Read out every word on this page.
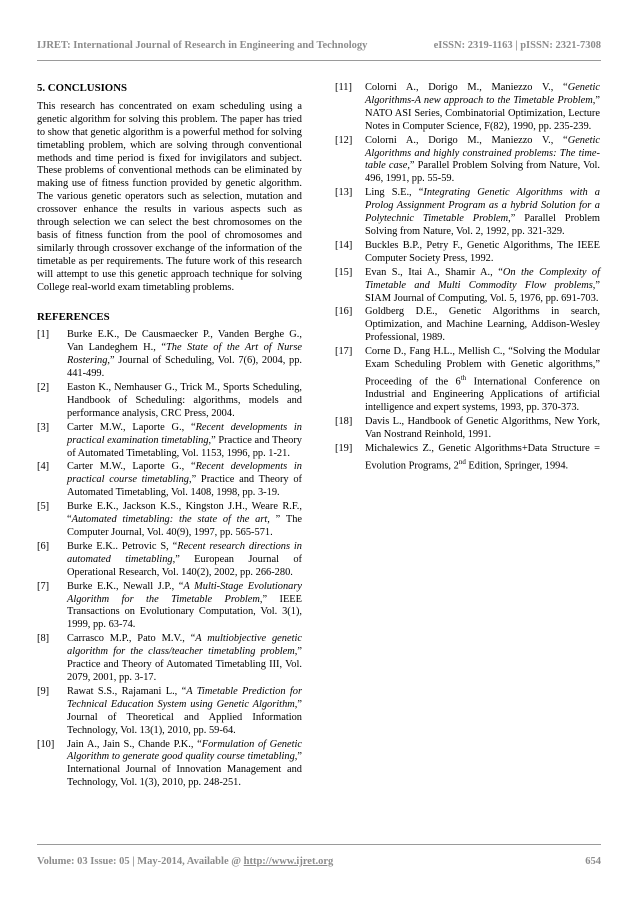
IJRET: International Journal of Research in Engineering and Technology	eISSN: 2319-1163 | pISSN: 2321-7308
5. CONCLUSIONS

This research has concentrated on exam scheduling using a genetic algorithm for solving this problem. The paper has tried to show that genetic algorithm is a powerful method for solving timetabling problem, which are solving through conventional methods and time period is fixed for invigilators and subject. These problems of conventional methods can be eliminated by making use of fitness function provided by genetic algorithm. The various genetic operators such as selection, mutation and crossover enhance the results in various aspects such as through selection we can select the best chromosomes on the basis of fitness function from the pool of chromosomes and similarly through crossover exchange of the information of the timetable as per requirements. The future work of this research will attempt to use this genetic approach technique for solving College real-world exam timetabling problems.

REFERENCES
[1]	Burke E.K., De Causmaecker P., Vanden Berghe G., Van Landeghem H., “The State of the Art of Nurse Rostering,” Journal of Scheduling, Vol. 7(6), 2004, pp. 441-499.
[2]	Easton K., Nemhauser G., Trick M., Sports Scheduling, Handbook of Scheduling: algorithms, models and performance analysis, CRC Press, 2004.
[3]	Carter M.W., Laporte G., “Recent developments in practical examination timetabling,” Practice and Theory of Automated Timetabling, Vol. 1153, 1996, pp. 1-21.
[4]	Carter M.W., Laporte G., “Recent developments in practical course timetabling,” Practice and Theory of Automated Timetabling, Vol. 1408, 1998, pp. 3-19.
[5]	Burke E.K., Jackson K.S., Kingston J.H., Weare R.F., “Automated timetabling: the state of the art, ” The Computer Journal, Vol. 40(9), 1997, pp. 565-571.
[6]	Burke E.K.. Petrovic S, “Recent research directions in automated timetabling,” European Journal of Operational Research, Vol. 140(2), 2002, pp. 266-280.
[7]	Burke E.K., Newall J.P., “A Multi-Stage Evolutionary Algorithm for the Timetable Problem,” IEEE Transactions on Evolutionary Computation, Vol. 3(1), 1999, pp. 63-74.
[8]	Carrasco M.P., Pato M.V., “A multiobjective genetic algorithm for the class/teacher timetabling problem,” Practice and Theory of Automated Timetabling III, Vol. 2079, 2001, pp. 3-17.
[9]	Rawat S.S., Rajamani L., “A Timetable Prediction for Technical Education System using Genetic Algorithm,” Journal of Theoretical and Applied Information Technology, Vol. 13(1), 2010, pp. 59-64.
[10]	Jain A., Jain S., Chande P.K., “Formulation of Genetic Algorithm to generate good quality course timetabling,” International Journal of Innovation Management and Technology, Vol. 1(3), 2010, pp. 248-251.
[11]	Colorni A., Dorigo M., Maniezzo V., “Genetic Algorithms-A new approach to the Timetable Problem,” NATO ASI Series, Combinatorial Optimization, Lecture Notes in Computer Science, F(82), 1990, pp. 235-239.
[12]	Colorni A., Dorigo M., Maniezzo V., “Genetic Algorithms and highly constrained problems: The time-table case,” Parallel Problem Solving from Nature, Vol. 496, 1991, pp. 55-59.
[13]	Ling S.E., “Integrating Genetic Algorithms with a Prolog Assignment Program as a hybrid Solution for a Polytechnic Timetable Problem,” Parallel Problem Solving from Nature, Vol. 2, 1992, pp. 321-329.
[14]	Buckles B.P., Petry F., Genetic Algorithms, The IEEE Computer Society Press, 1992.
[15]	Evan S., Itai A., Shamir A., “On the Complexity of Timetable and Multi Commodity Flow problems,” SIAM Journal of Computing, Vol. 5, 1976, pp. 691-703.
[16]	Goldberg D.E., Genetic Algorithms in search, Optimization, and Machine Learning, Addison-Wesley Professional, 1989.
[17]	Corne D., Fang H.L., Mellish C., “Solving the Modular Exam Scheduling Problem with Genetic algorithms,” Proceeding of the 6th International Conference on Industrial and Engineering Applications of artificial intelligence and expert systems, 1993, pp. 370-373.
[18]	Davis L., Handbook of Genetic Algorithms, New York, Van Nostrand Reinhold, 1991.
[19]	Michalewics Z., Genetic Algorithms+Data Structure = Evolution Programs, 2nd Edition, Springer, 1994.
Volume: 03 Issue: 05 | May-2014, Available @ http://www.ijret.org	654
